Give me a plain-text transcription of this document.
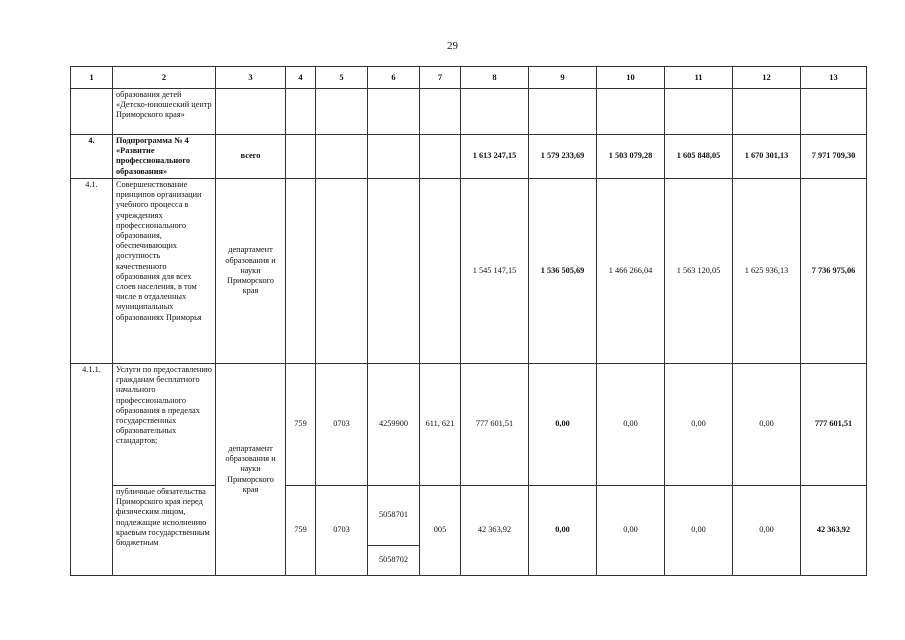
29
1	2	3	4	5	6	7	8	9	10	11	12	13
	образования детей «Детско-юношеский центр Приморского края»											
4.	Подпрограмма № 4 «Развитие профессионального образования»	всего					1 613 247,15	1 579 233,69	1 503 079,28	1 605 848,05	1 670 301,13	7 971 709,30
4.1.	Совершенствование принципов организации учебного процесса в учреждениях профессионального образования, обеспечивающих доступность качественного образования для всех слоев населения, в том числе в отдаленных муниципальных образованиях Приморья	департамент образования и науки Приморского края					1 545 147,15	1 536 505,69	1 466 266,04	1 563 120,05	1 625 936,13	7 736 975,06
4.1.1.	Услуги по предоставлению гражданам бесплатного начального профессионального образования в пределах государственных образовательных стандартов;	департамент образования и науки Приморского края	759	0703	4259900	611, 621	777 601,51	0,00	0,00	0,00	0,00	777 601,51
	публичные обязательства Приморского края перед физическим лицом, подлежащие исполнению краевым государственным бюджетным		759	0703	5058701	005	42 363,92	0,00	0,00	0,00	0,00	42 363,92
					5058702							
